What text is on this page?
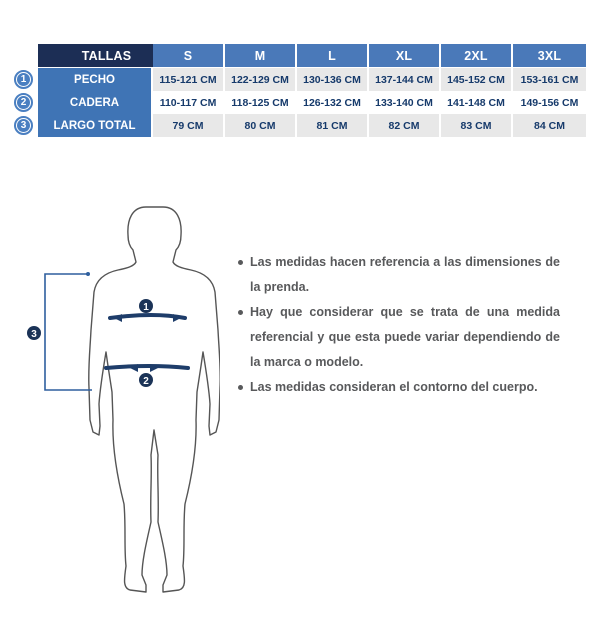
TALLAS	S	M	L	XL	2XL	3XL
1	PECHO	115-121 CM	122-129 CM	130-136 CM	137-144 CM	145-152 CM	153-161 CM
2	CADERA	110-117 CM	118-125 CM	126-132 CM	133-140 CM	141-148 CM	149-156 CM
3	LARGO TOTAL	79 CM	80 CM	81 CM	82 CM	83 CM	84 CM
1
2
3
Las medidas hacen referencia a las dimensiones de la prenda.
Hay que considerar que se trata de una medida referencial y que esta puede variar dependiendo de la marca o modelo.
Las medidas consideran el contorno del cuerpo.
